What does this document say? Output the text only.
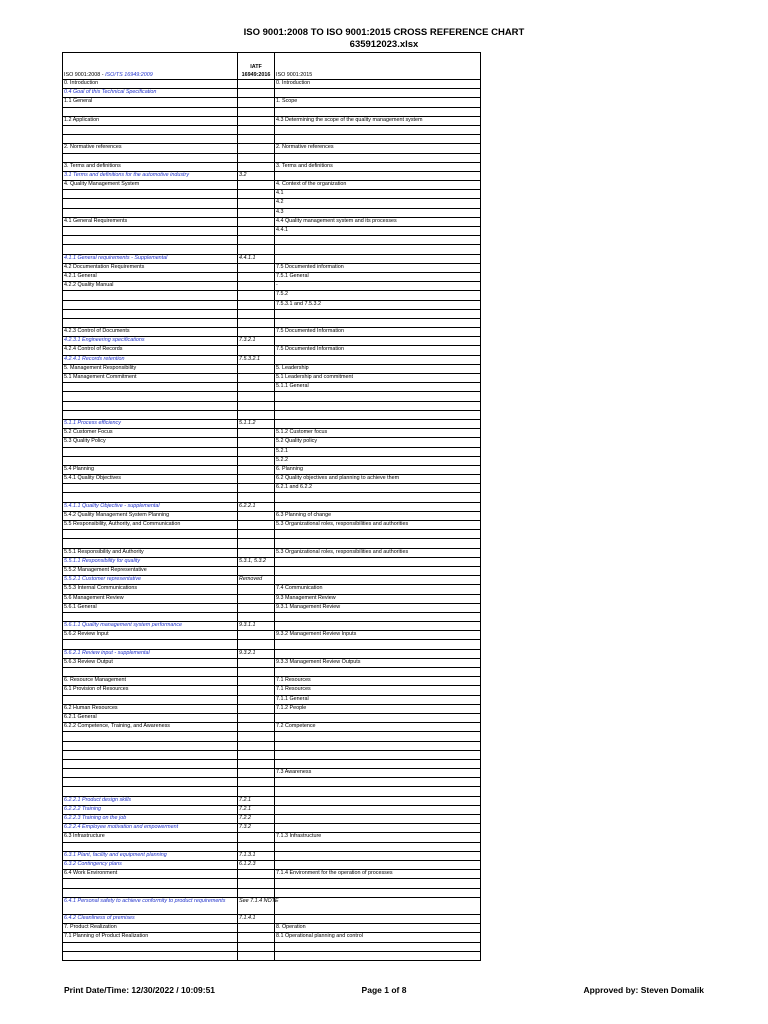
ISO 9001:2008 TO ISO 9001:2015 CROSS REFERENCE CHART
635912023.xlsx
ISO 9001:2008 - ISO/TS 16949:2009	IATF 16949:2016	ISO 9001:2015
0. Introduction		0. Introduction
0.4 Goal of this Technical Specification		
1.1 General		1. Scope

1.2 Application		4.3 Determining the scope of the quality management system

2. Normative references		2. Normative references

3. Terms and definitions		3. Terms and definitions
3.1 Terms and definitions for the automotive industry	3.2	
4. Quality Management System		4. Context of the organization
		4.1
		4.2
		4.3
4.1 General Requirements		4.4 Quality management system and its processes
		4.4.1

4.1.1 General requirements - Supplemental	4.4.1.1	
4.2 Documentation Requirements		7.5 Documented information
4.2.1 General		7.5.1 General
4.2.2 Quality Manual		-
		7.5.2
		7.5.3.1 and 7.5.3.2

4.2.3 Control of Documents		7.5 Documented Information
4.2.3.1 Engineering specifications	7.3.2.1	
4.2.4 Control of Records		7.5 Documented Information
4.2.4.1 Records retention	7.5.3.2.1	
5. Management Responsibility		5. Leadership
5.1 Management Commitment		5.1 Leadership and commitment
		5.1.1 General

5.1.1 Process efficiency	5.1.1.2	
5.2 Customer Focus		5.1.2 Customer focus
5.3 Quality Policy		5.2 Quality policy
		5.2.1
		5.2.2
5.4 Planning		6. Planning
5.4.1 Quality Objectives		6.2 Quality objectives and planning to achieve them
		6.2.1 and 6.2.2

5.4.1.1 Quality Objective - supplemental	6.2.2.1	
5.4.2 Quality Management System Planning		6.3 Planning of change
5.5 Responsibility, Authority, and Communication		5.3 Organizational roles, responsibilities and authorities

5.5.1 Responsibility and Authority		5.3 Organizational roles, responsibilities and authorities
5.5.1.1 Responsibility for quality	5.3.1, 5.3.2	
5.5.2 Management Representative		
5.5.2.1 Customer representative	Removed	
5.5.3 Internal Communications		7.4 Communication
5.6 Management Review		9.3 Management Review
5.6.1 General		9.3.1 Management Review

5.6.1.1 Quality management system performance	9.3.1.1	
5.6.2 Review Input		9.3.2 Management Review Inputs

5.6.2.1 Review input - supplemental	9.3.2.1	
5.6.3 Review Output		9.3.3 Management Review Outputs

6. Resource Management		7.1 Resources
6.1 Provision of Resources		7.1 Resources
		7.1.1 General
6.2 Human Resources		7.1.2 People
6.2.1 General		
6.2.2 Competence, Training, and Awareness		7.2 Competence

		7.3 Awareness

6.2.2.1 Product design skills	7.2.1	
6.2.2.2 Training	7.2.1	
6.2.2.3 Training on the job	7.2.2	
6.2.2.4 Employee motivation and empowerment	7.3.2	
6.3 Infrastructure		7.1.3 Infrastructure

6.3.1 Plant, facility and equipment planning	7.1.3.1	
6.3.2 Contingency plans	6.1.2.3	
6.4 Work Environment		7.1.4 Environment for the operation of processes

6.4.1 Personal safety to achieve conformity to product requirements	See 7.1.4 NOTE	
6.4.2 Cleanliness of premises	7.1.4.1	
7. Product Realization		8. Operation
7.1 Planning of Product Realization		8.1 Operational planning and control

Print Date/Time: 12/30/2022 / 10:09:51	Page 1 of 8	Approved by: Steven Domalik
